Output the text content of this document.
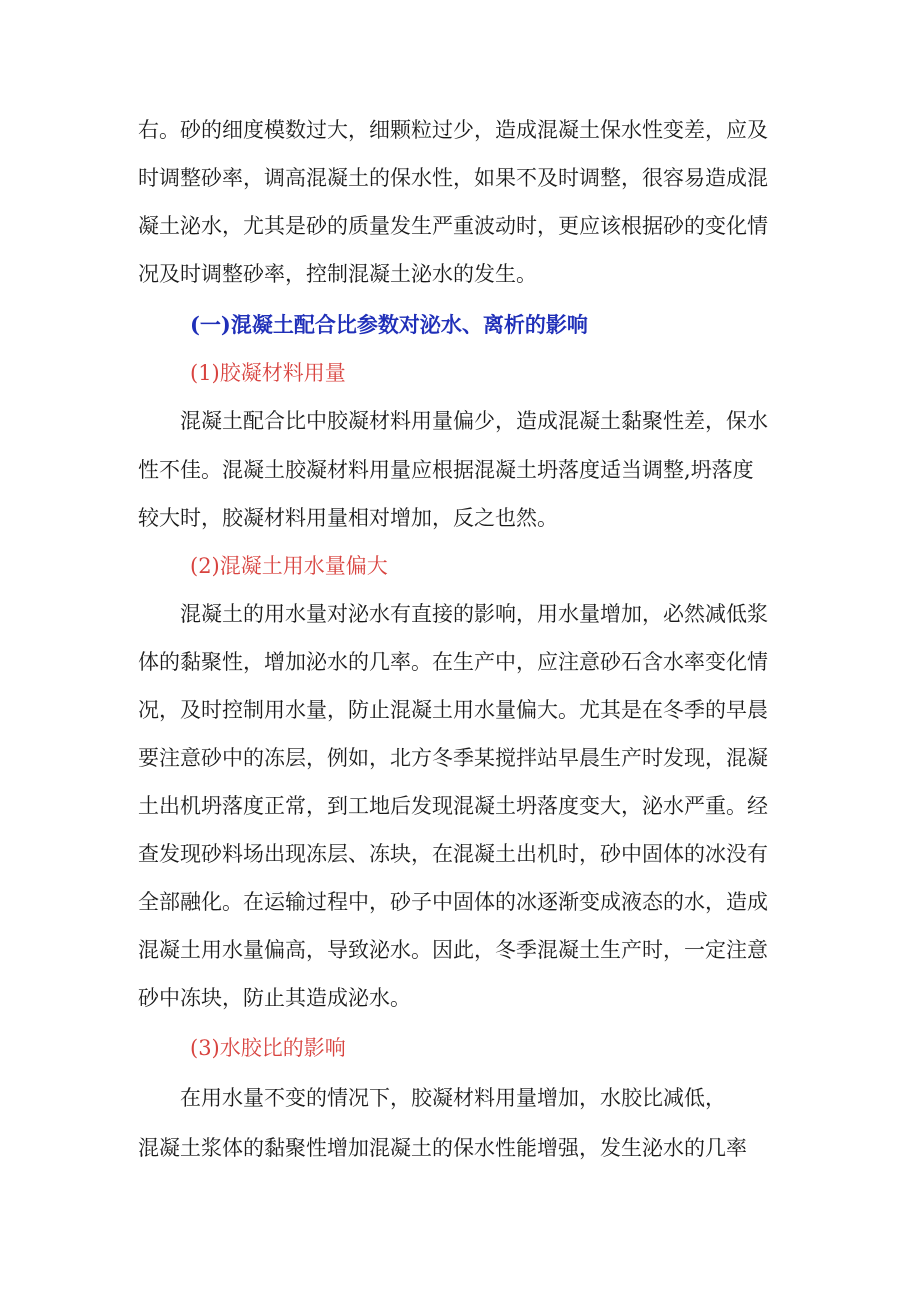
右。砂的细度模数过大，细颗粒过少，造成混凝土保水性变差，应及
时调整砂率，调高混凝土的保水性，如果不及时调整，很容易造成混
凝土泌水，尤其是砂的质量发生严重波动时，更应该根据砂的变化情
况及时调整砂率，控制混凝土泌水的发生。
(一)混凝土配合比参数对泌水、离析的影响
(1)胶凝材料用量
混凝土配合比中胶凝材料用量偏少，造成混凝土黏聚性差，保水
性不佳。混凝土胶凝材料用量应根据混凝土坍落度适当调整,坍落度
较大时，胶凝材料用量相对增加，反之也然。
(2)混凝土用水量偏大
混凝土的用水量对泌水有直接的影响，用水量增加，必然减低浆
体的黏聚性，增加泌水的几率。在生产中，应注意砂石含水率变化情
况，及时控制用水量，防止混凝土用水量偏大。尤其是在冬季的早晨
要注意砂中的冻层，例如，北方冬季某搅拌站早晨生产时发现，混凝
土出机坍落度正常，到工地后发现混凝土坍落度变大，泌水严重。经
查发现砂料场出现冻层、冻块，在混凝土出机时，砂中固体的冰没有
全部融化。在运输过程中，砂子中固体的冰逐渐变成液态的水，造成
混凝土用水量偏高，导致泌水。因此，冬季混凝土生产时，一定注意
砂中冻块，防止其造成泌水。
(3)水胶比的影响
在用水量不变的情况下，胶凝材料用量增加，水胶比减低，
混凝土浆体的黏聚性增加混凝土的保水性能增强，发生泌水的几率
